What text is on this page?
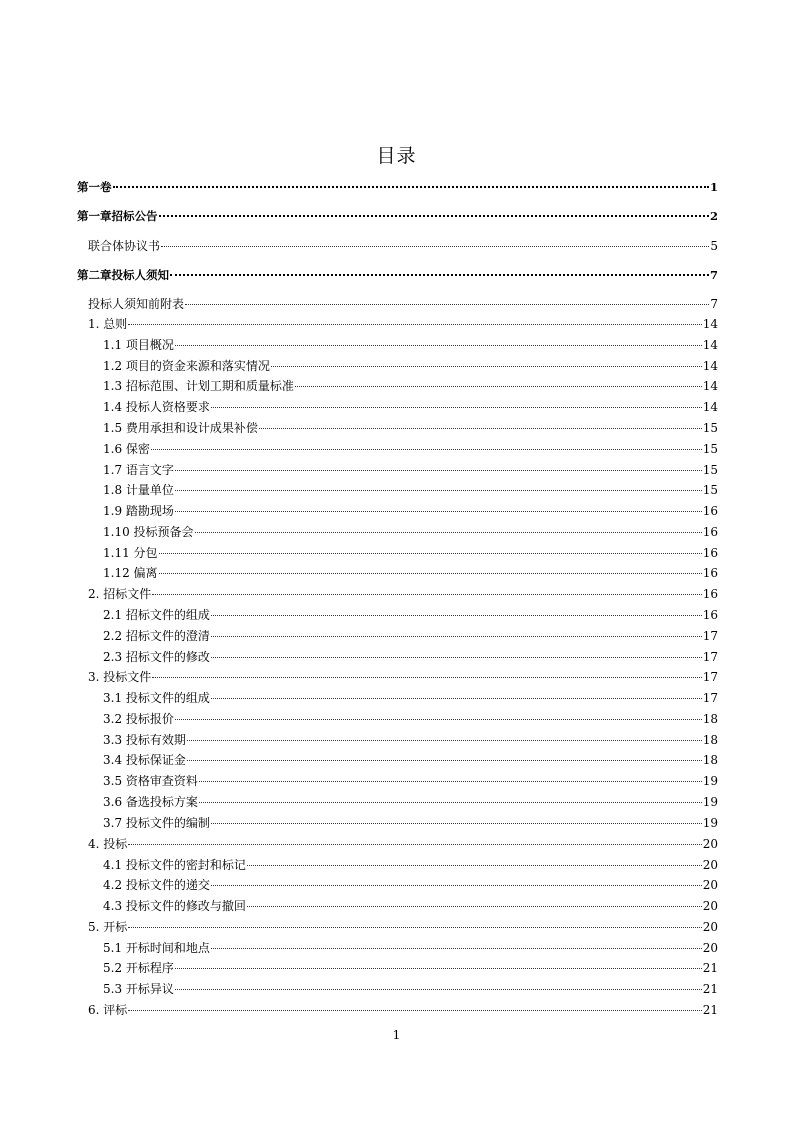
目录
第一卷	1
第一章招标公告	2
联合体协议书	5
第二章投标人须知	7
投标人须知前附表	7
1. 总则	14
1.1 项目概况	14
1.2 项目的资金来源和落实情况	14
1.3 招标范围、计划工期和质量标准	14
1.4 投标人资格要求	14
1.5 费用承担和设计成果补偿	15
1.6 保密	15
1.7 语言文字	15
1.8 计量单位	15
1.9 踏勘现场	16
1.10 投标预备会	16
1.11 分包	16
1.12 偏离	16
2. 招标文件	16
2.1 招标文件的组成	16
2.2 招标文件的澄清	17
2.3 招标文件的修改	17
3. 投标文件	17
3.1 投标文件的组成	17
3.2 投标报价	18
3.3 投标有效期	18
3.4 投标保证金	18
3.5 资格审查资料	19
3.6 备选投标方案	19
3.7 投标文件的编制	19
4. 投标	20
4.1 投标文件的密封和标记	20
4.2 投标文件的递交	20
4.3 投标文件的修改与撤回	20
5. 开标	20
5.1 开标时间和地点	20
5.2 开标程序	21
5.3 开标异议	21
6. 评标	21
1
